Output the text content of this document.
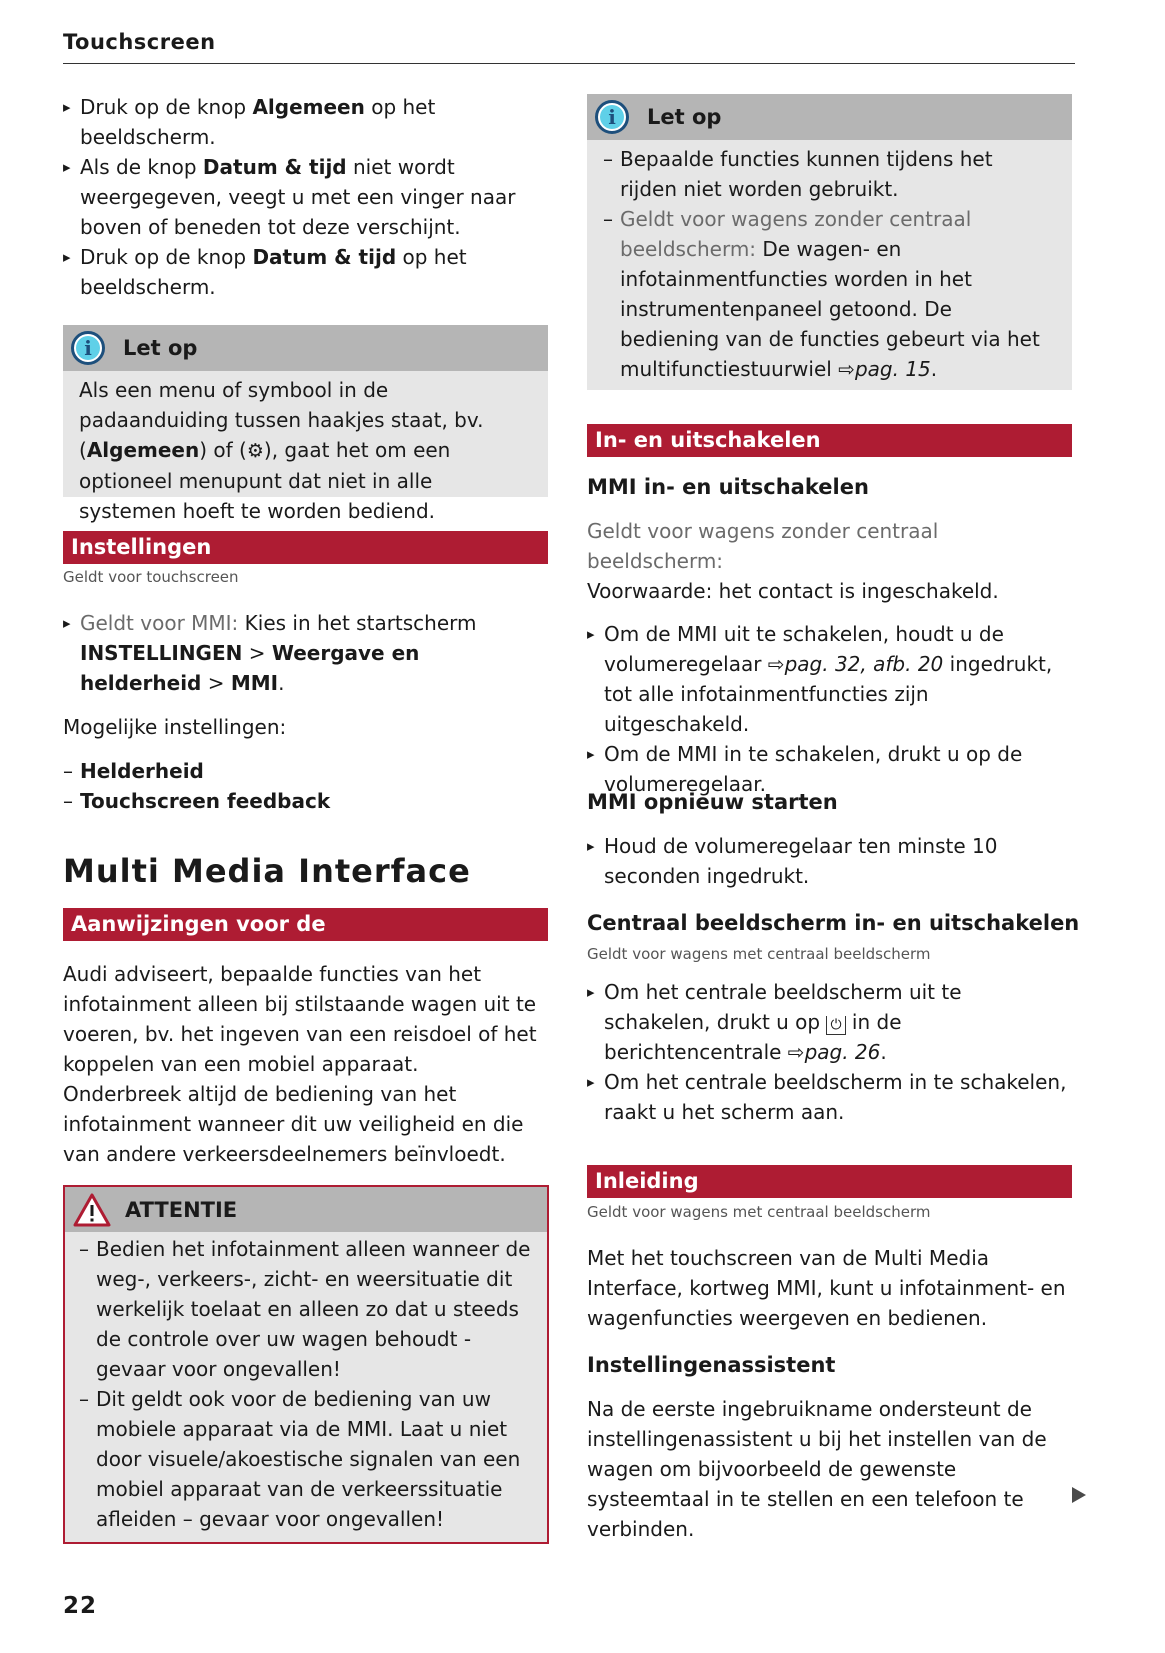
Touchscreen
▸ Druk op de knop Algemeen op het beeldscherm.
▸ Als de knop Datum & tijd niet wordt weergegeven, veegt u met een vinger naar boven of beneden tot deze verschijnt.
▸ Druk op de knop Datum & tijd op het beeldscherm.
i	Let op
Als een menu of symbool in de padaanduiding tussen haakjes staat, bv. (Algemeen) of (⚙), gaat het om een optioneel menupunt dat niet in alle systemen hoeft te worden bediend.
Instellingen
Geldt voor touchscreen
▸ Geldt voor MMI: Kies in het startscherm INSTELLINGEN > Weergave en helderheid > MMI.
Mogelijke instellingen:
– Helderheid
– Touchscreen feedback
Multi Media Interface
Aanwijzingen voor de verkeersveiligheid
Audi adviseert, bepaalde functies van het infotainment alleen bij stilstaande wagen uit te voeren, bv. het ingeven van een reisdoel of het koppelen van een mobiel apparaat. Onderbreek altijd de bediening van het infotainment wanneer dit uw veiligheid en die van andere verkeersdeelnemers beïnvloedt.
ATTENTIE
– Bedien het infotainment alleen wanneer de weg-, verkeers-, zicht- en weersituatie dit werkelijk toelaat en alleen zo dat u steeds de controle over uw wagen behoudt - gevaar voor ongevallen!
– Dit geldt ook voor de bediening van uw mobiele apparaat via de MMI. Laat u niet door visuele/akoestische signalen van een mobiel apparaat van de verkeerssituatie afleiden – gevaar voor ongevallen!
22
i	Let op
– Bepaalde functies kunnen tijdens het rijden niet worden gebruikt.
– Geldt voor wagens zonder centraal beeldscherm: De wagen- en infotainmentfuncties worden in het instrumentenpaneel getoond. De bediening van de functies gebeurt via het multifunctiestuurwiel ⇨pag. 15.
In- en uitschakelen
MMI in- en uitschakelen
Geldt voor wagens zonder centraal beeldscherm:
Voorwaarde: het contact is ingeschakeld.
▸ Om de MMI uit te schakelen, houdt u de volumeregelaar ⇨pag. 32, afb. 20 ingedrukt, tot alle infotainmentfuncties zijn uitgeschakeld.
▸ Om de MMI in te schakelen, drukt u op de volumeregelaar.
MMI opnieuw starten
▸ Houd de volumeregelaar ten minste 10 seconden ingedrukt.
Centraal beeldscherm in- en uitschakelen
Geldt voor wagens met centraal beeldscherm
▸ Om het centrale beeldscherm uit te schakelen, drukt u op ⏻ in de berichtencentrale ⇨pag. 26.
▸ Om het centrale beeldscherm in te schakelen, raakt u het scherm aan.
Inleiding
Geldt voor wagens met centraal beeldscherm
Met het touchscreen van de Multi Media Interface, kortweg MMI, kunt u infotainment- en wagenfuncties weergeven en bedienen.
Instellingenassistent
Na de eerste ingebruikname ondersteunt de instellingenassistent u bij het instellen van de wagen om bijvoorbeeld de gewenste systeemtaal in te stellen en een telefoon te verbinden.
